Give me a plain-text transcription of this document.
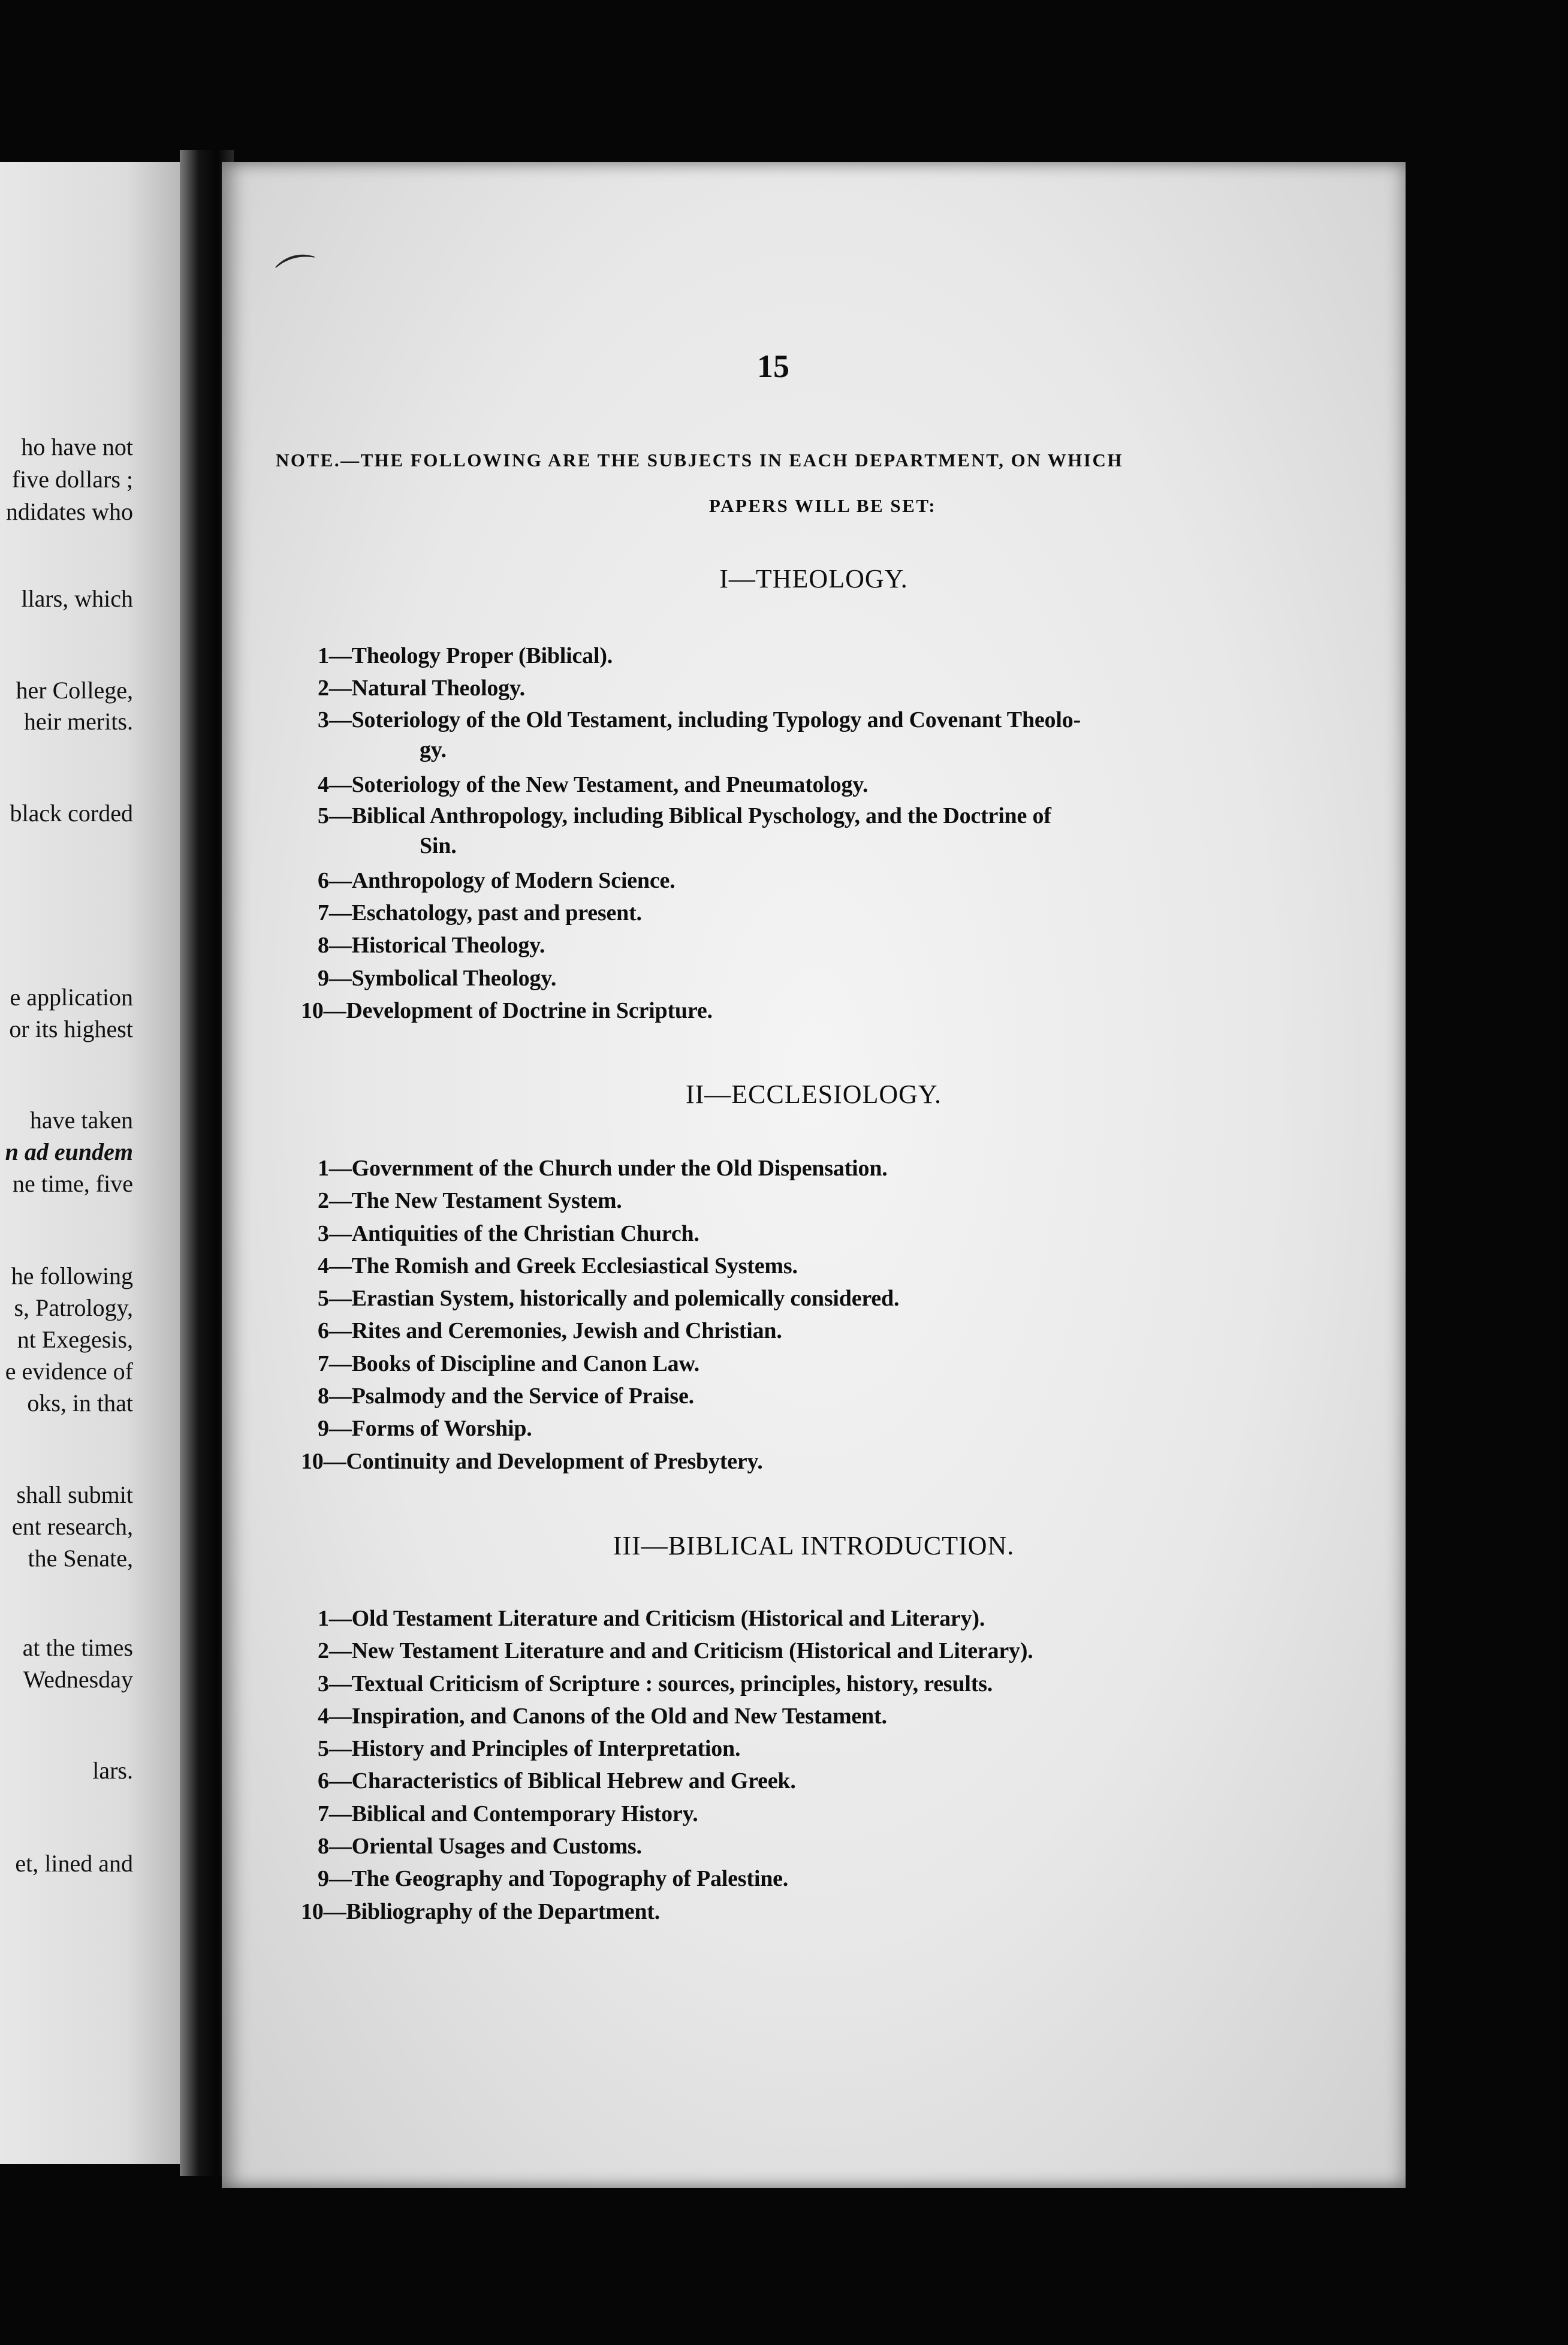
ho have not
five dollars ;
ndidates who
llars, which
her College,
heir merits.
black corded
e application
or its highest
have taken
n ad eundem
ne time, five
he following
s, Patrology,
nt Exegesis,
e evidence of
oks, in that
shall submit
ent research,
the Senate,
at the times
Wednesday
lars.
et, lined and
⌒
15
NOTE.—THE FOLLOWING ARE THE SUBJECTS IN EACH DEPARTMENT, ON WHICH
PAPERS WILL BE SET:
I—THEOLOGY.
1—Theology Proper (Biblical).
2—Natural Theology.
3—Soteriology of the Old Testament, including Typology and Covenant Theolo-
gy.
4—Soteriology of the New Testament, and Pneumatology.
5—Biblical Anthropology, including Biblical Pyschology, and the Doctrine of
Sin.
6—Anthropology of Modern Science.
7—Eschatology, past and present.
8—Historical Theology.
9—Symbolical Theology.
10—Development of Doctrine in Scripture.
II—ECCLESIOLOGY.
1—Government of the Church under the Old Dispensation.
2—The New Testament System.
3—Antiquities of the Christian Church.
4—The Romish and Greek Ecclesiastical Systems.
5—Erastian System, historically and polemically considered.
6—Rites and Ceremonies, Jewish and Christian.
7—Books of Discipline and Canon Law.
8—Psalmody and the Service of Praise.
9—Forms of Worship.
10—Continuity and Development of Presbytery.
III—BIBLICAL INTRODUCTION.
1—Old Testament Literature and Criticism (Historical and Literary).
2—New Testament Literature and and Criticism (Historical and Literary).
3—Textual Criticism of Scripture : sources, principles, history, results.
4—Inspiration, and Canons of the Old and New Testament.
5—History and Principles of Interpretation.
6—Characteristics of Biblical Hebrew and Greek.
7—Biblical and Contemporary History.
8—Oriental Usages and Customs.
9—The Geography and Topography of Palestine.
10—Bibliography of the Department.
